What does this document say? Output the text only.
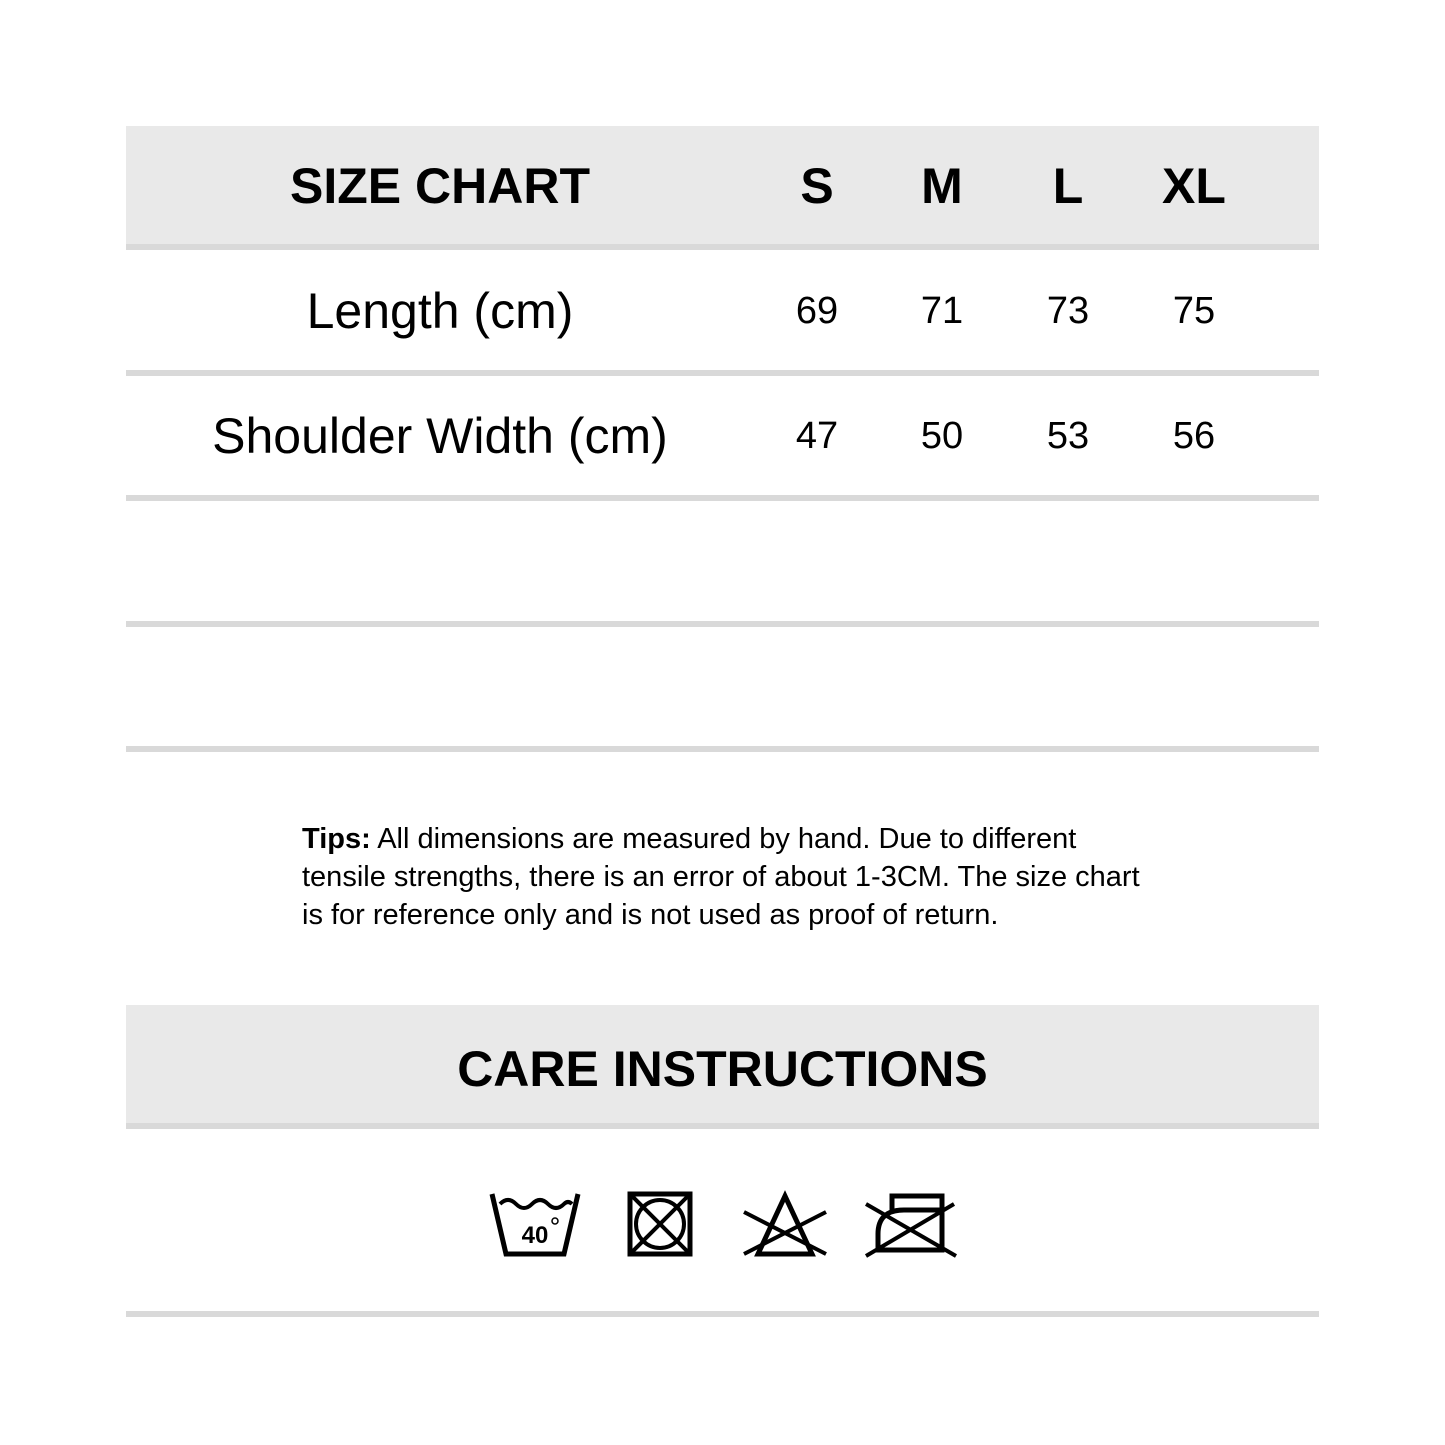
SIZE CHART	S	M	L	XL
Length (cm)	69	71	73	75
Shoulder Width (cm)	47	50	53	56
Tips: All dimensions are measured by hand. Due to different tensile strengths, there is an error of about 1-3CM. The size chart is for reference only and is not used as proof of return.
CARE INSTRUCTIONS
40
